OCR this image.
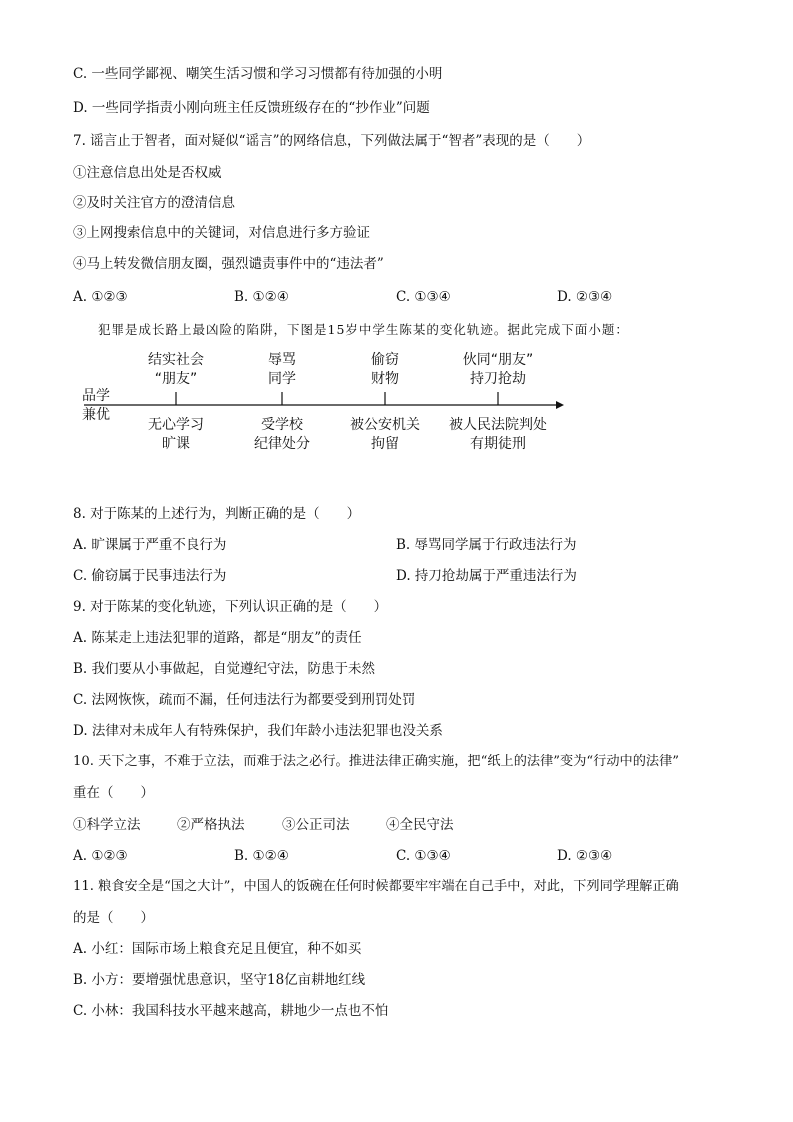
C. 一些同学鄙视、嘲笑生活习惯和学习习惯都有待加强的小明
D. 一些同学指责小刚向班主任反馈班级存在的“抄作业”问题
7. 谣言止于智者，面对疑似“谣言”的网络信息，下列做法属于“智者”表现的是（　　）
①注意信息出处是否权威
②及时关注官方的澄清信息
③上网搜索信息中的关键词，对信息进行多方验证
④马上转发微信朋友圈，强烈谴责事件中的“违法者”
A. ①②③	B. ①②④	C. ①③④	D. ②③④
犯罪是成长路上最凶险的陷阱，下图是15岁中学生陈某的变化轨迹。据此完成下面小题：
品学
兼优
结实社会
“朋友”
辱骂
同学
偷窃
财物
伙同“朋友”
持刀抢劫
无心学习
旷课
受学校
纪律处分
被公安机关
拘留
被人民法院判处
有期徒刑
8. 对于陈某的上述行为，判断正确的是（　　）
A. 旷课属于严重不良行为	B. 辱骂同学属于行政违法行为
C. 偷窃属于民事违法行为	D. 持刀抢劫属于严重违法行为
9. 对于陈某的变化轨迹，下列认识正确的是（　　）
A. 陈某走上违法犯罪的道路，都是“朋友”的责任
B. 我们要从小事做起，自觉遵纪守法，防患于未然
C. 法网恢恢，疏而不漏，任何违法行为都要受到刑罚处罚
D. 法律对未成年人有特殊保护，我们年龄小违法犯罪也没关系
10. 天下之事，不难于立法，而难于法之必行。推进法律正确实施，把“纸上的法律”变为“行动中的法律”
重在（　　）
①科学立法	②严格执法	③公正司法	④全民守法
A. ①②③	B. ①②④	C. ①③④	D. ②③④
11. 粮食安全是“国之大计”，中国人的饭碗在任何时候都要牢牢端在自己手中，对此，下列同学理解正确
的是（　　）
A. 小红：国际市场上粮食充足且便宜，种不如买
B. 小方：要增强忧患意识，坚守18亿亩耕地红线
C. 小林：我国科技水平越来越高，耕地少一点也不怕
